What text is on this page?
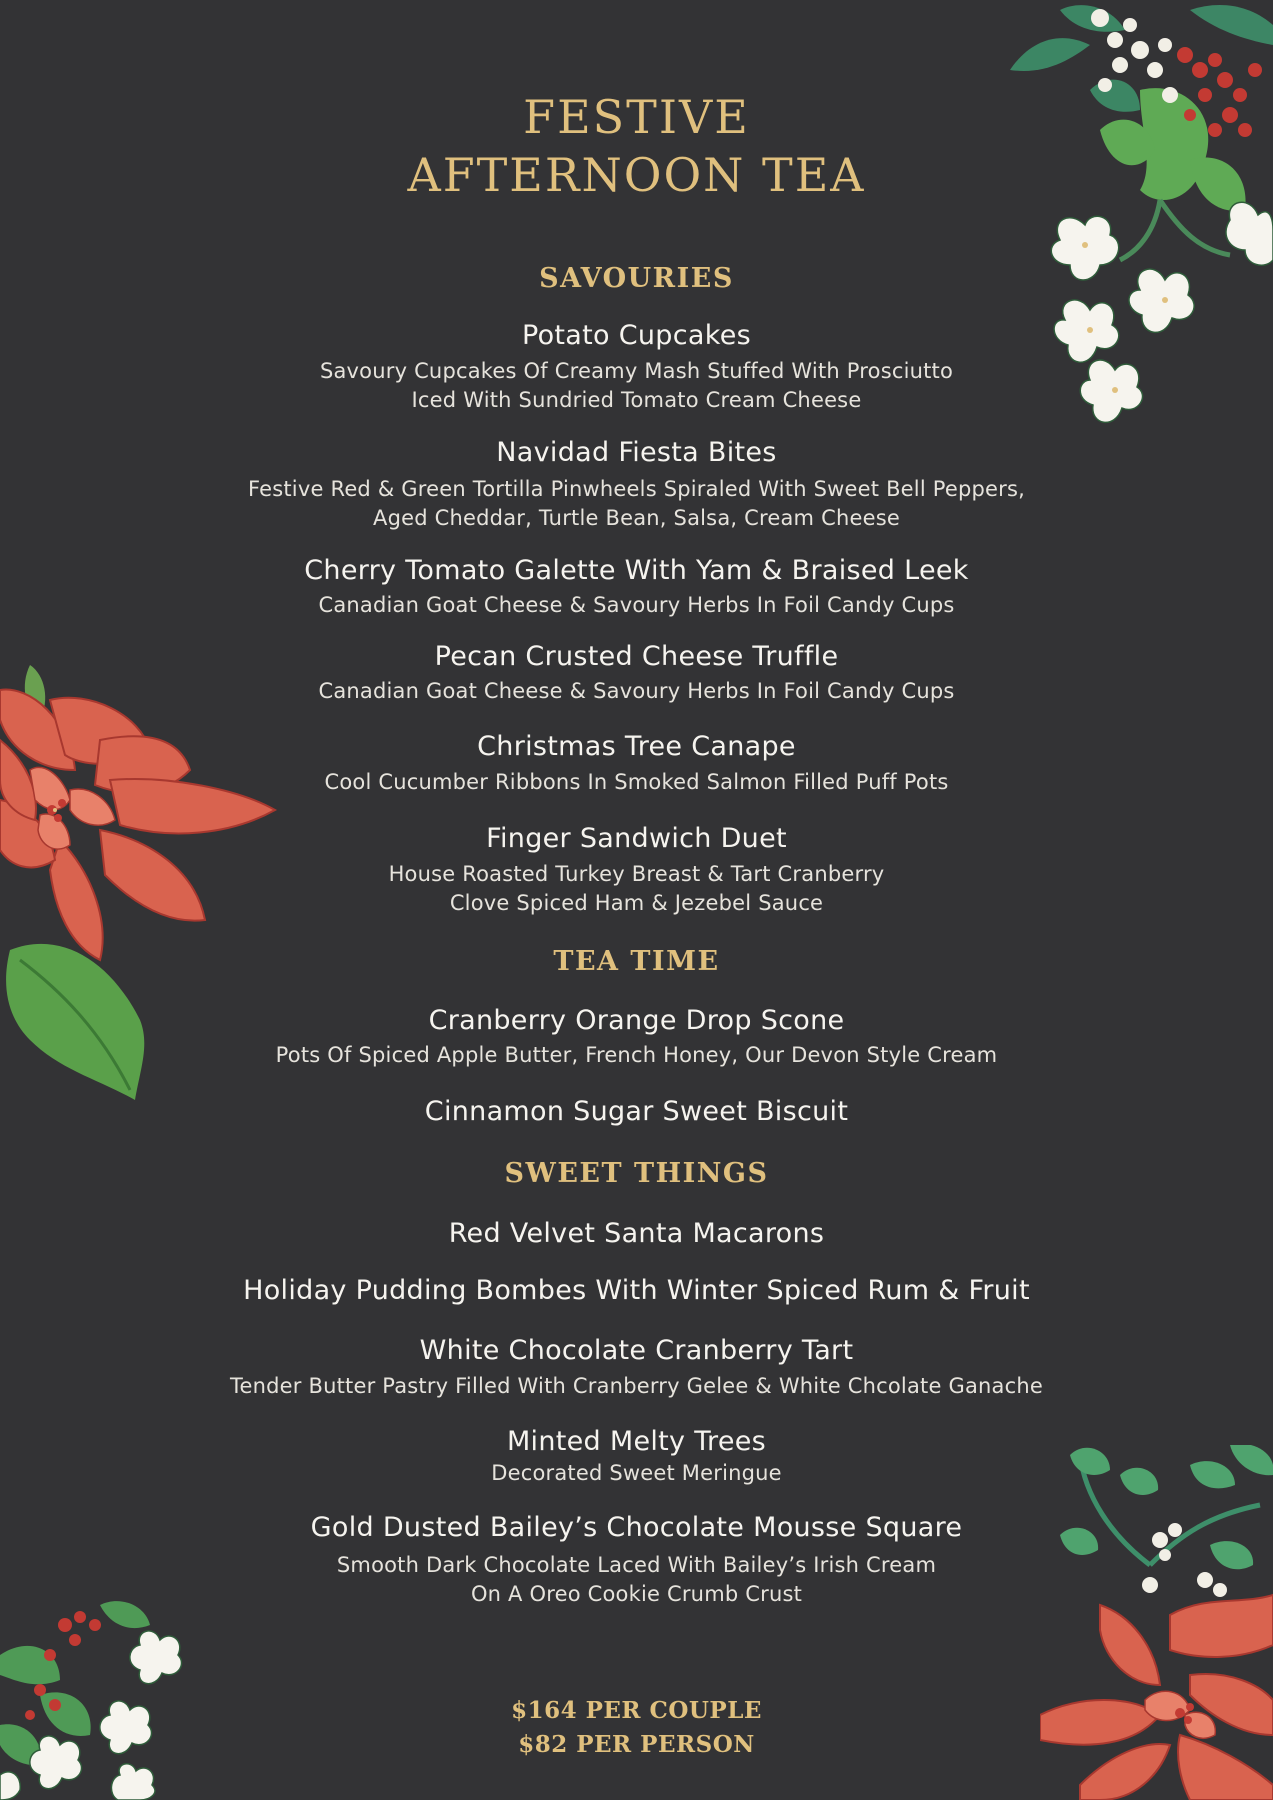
FESTIVE
AFTERNOON TEA
SAVOURIES
Potato Cupcakes
Savoury Cupcakes Of Creamy Mash Stuffed With Prosciutto
Iced With Sundried Tomato Cream Cheese
Navidad Fiesta Bites
Festive Red & Green Tortilla Pinwheels Spiraled With Sweet Bell Peppers,
Aged Cheddar, Turtle Bean, Salsa, Cream Cheese
Cherry Tomato Galette With Yam & Braised Leek
Canadian Goat Cheese & Savoury Herbs In Foil Candy Cups
Pecan Crusted Cheese Truffle
Canadian Goat Cheese & Savoury Herbs In Foil Candy Cups
Christmas Tree Canape
Cool Cucumber Ribbons In Smoked Salmon Filled Puff Pots
Finger Sandwich Duet
House Roasted Turkey Breast & Tart Cranberry
Clove Spiced Ham & Jezebel Sauce
TEA TIME
Cranberry Orange Drop Scone
Pots Of Spiced Apple Butter, French Honey, Our Devon Style Cream
Cinnamon Sugar Sweet Biscuit
SWEET THINGS
Red Velvet Santa Macarons
Holiday Pudding Bombes With Winter Spiced Rum & Fruit
White Chocolate Cranberry Tart
Tender Butter Pastry Filled With Cranberry Gelee & White Chcolate Ganache
Minted Melty Trees
Decorated Sweet Meringue
Gold Dusted Bailey’s Chocolate Mousse Square
Smooth Dark Chocolate Laced With Bailey’s Irish Cream
On A Oreo Cookie Crumb Crust
$164 PER COUPLE
$82 PER PERSON
